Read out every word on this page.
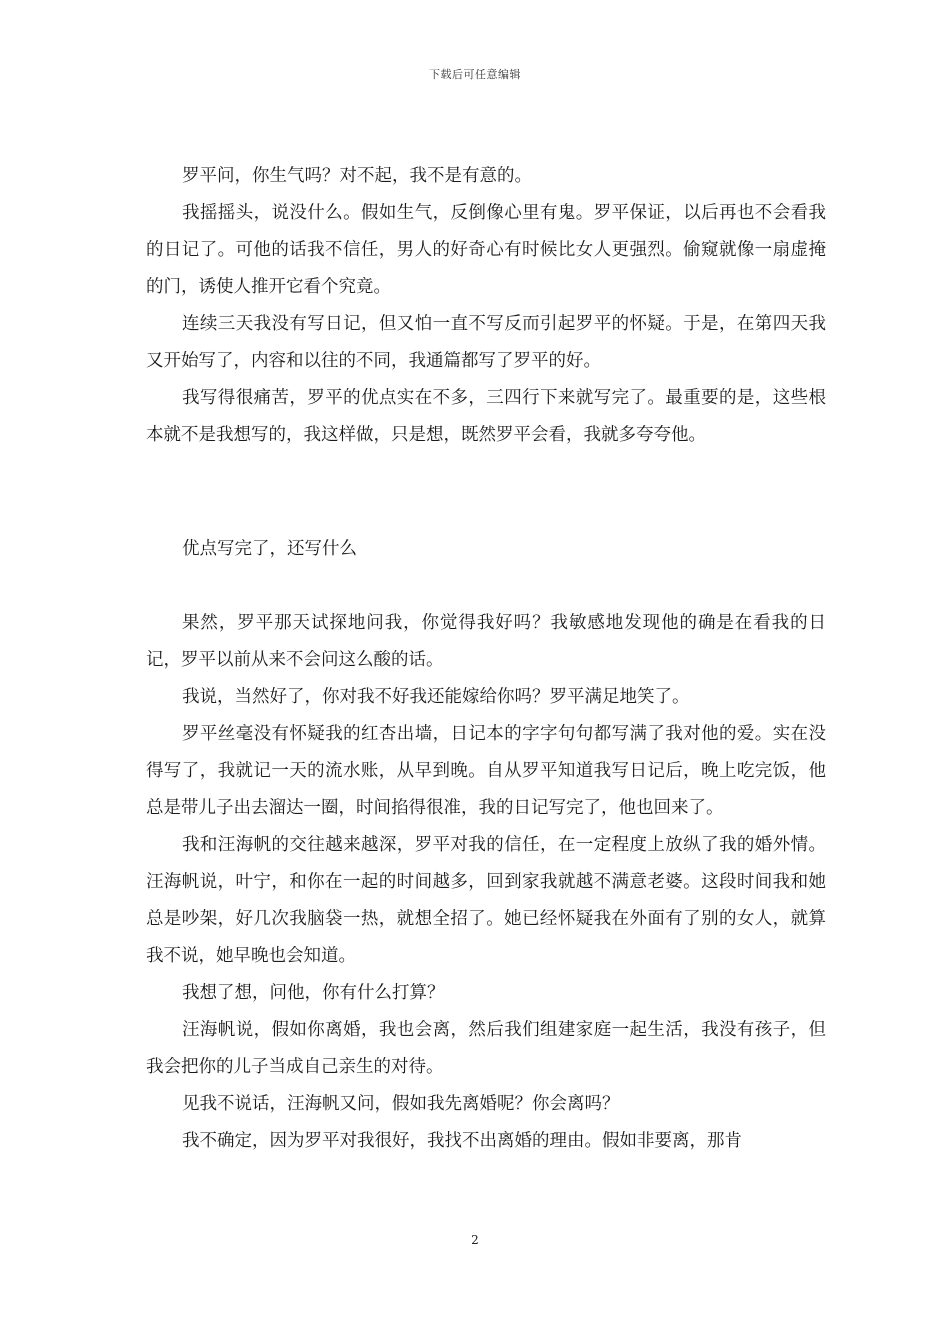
下载后可任意编辑

罗平问，你生气吗？对不起，我不是有意的。

我摇摇头，说没什么。假如生气，反倒像心里有鬼。罗平保证，以后再也不会看我的日记了。可他的话我不信任，男人的好奇心有时候比女人更强烈。偷窥就像一扇虚掩的门，诱使人推开它看个究竟。

连续三天我没有写日记，但又怕一直不写反而引起罗平的怀疑。于是，在第四天我又开始写了，内容和以往的不同，我通篇都写了罗平的好。

我写得很痛苦，罗平的优点实在不多，三四行下来就写完了。最重要的是，这些根本就不是我想写的，我这样做，只是想，既然罗平会看，我就多夸夸他。

优点写完了，还写什么

果然，罗平那天试探地问我，你觉得我好吗？我敏感地发现他的确是在看我的日记，罗平以前从来不会问这么酸的话。

我说，当然好了，你对我不好我还能嫁给你吗？罗平满足地笑了。

罗平丝毫没有怀疑我的红杏出墙，日记本的字字句句都写满了我对他的爱。实在没得写了，我就记一天的流水账，从早到晚。自从罗平知道我写日记后，晚上吃完饭，他总是带儿子出去溜达一圈，时间掐得很准，我的日记写完了，他也回来了。

我和汪海帆的交往越来越深，罗平对我的信任，在一定程度上放纵了我的婚外情。汪海帆说，叶宁，和你在一起的时间越多，回到家我就越不满意老婆。这段时间我和她总是吵架，好几次我脑袋一热，就想全招了。她已经怀疑我在外面有了别的女人，就算我不说，她早晚也会知道。

我想了想，问他，你有什么打算？

汪海帆说，假如你离婚，我也会离，然后我们组建家庭一起生活，我没有孩子，但我会把你的儿子当成自己亲生的对待。

见我不说话，汪海帆又问，假如我先离婚呢？你会离吗？

我不确定，因为罗平对我很好，我找不出离婚的理由。假如非要离，那肯

2
